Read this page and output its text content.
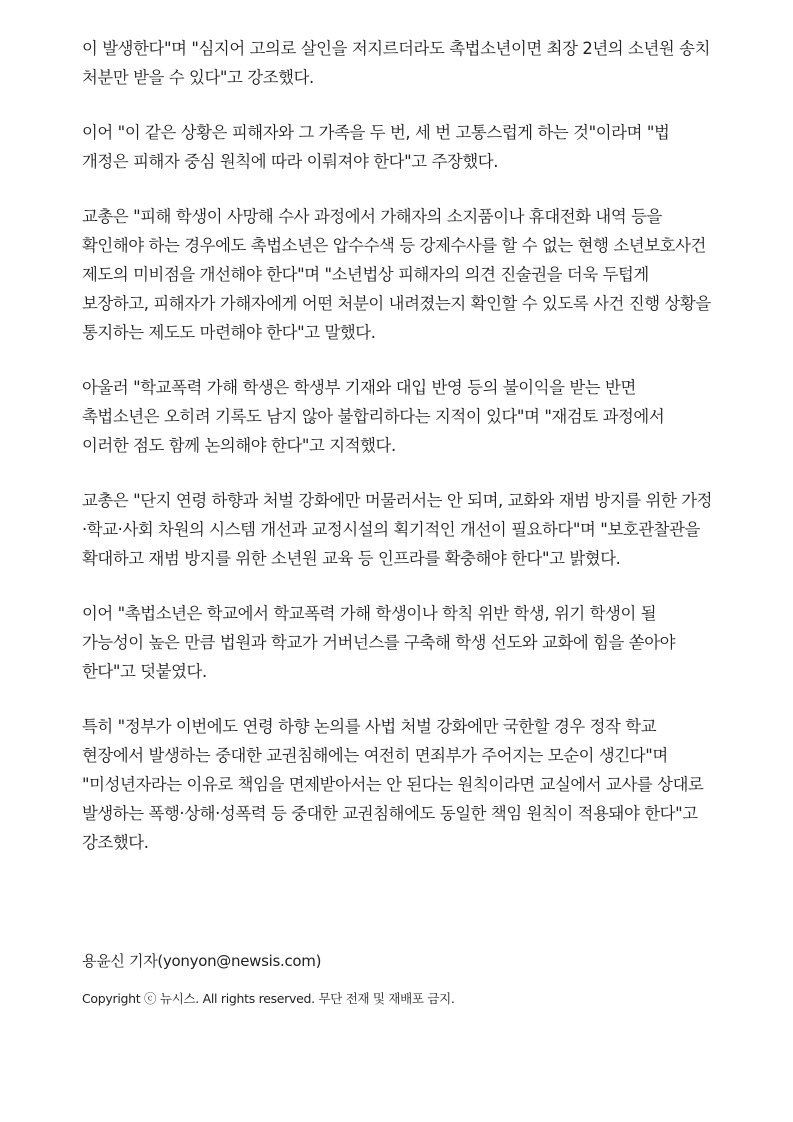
이 발생한다"며 "심지어 고의로 살인을 저지르더라도 촉법소년이면 최장 2년의 소년원 송치 처분만 받을 수 있다"고 강조했다.

이어 "이 같은 상황은 피해자와 그 가족을 두 번, 세 번 고통스럽게 하는 것"이라며 "법 개정은 피해자 중심 원칙에 따라 이뤄져야 한다"고 주장했다.

교총은 "피해 학생이 사망해 수사 과정에서 가해자의 소지품이나 휴대전화 내역 등을 확인해야 하는 경우에도 촉법소년은 압수수색 등 강제수사를 할 수 없는 현행 소년보호사건 제도의 미비점을 개선해야 한다"며 "소년법상 피해자의 의견 진술권을 더욱 두텁게 보장하고, 피해자가 가해자에게 어떤 처분이 내려졌는지 확인할 수 있도록 사건 진행 상황을 통지하는 제도도 마련해야 한다"고 말했다.

아울러 "학교폭력 가해 학생은 학생부 기재와 대입 반영 등의 불이익을 받는 반면 촉법소년은 오히려 기록도 남지 않아 불합리하다는 지적이 있다"며 "재검토 과정에서 이러한 점도 함께 논의해야 한다"고 지적했다.

교총은 "단지 연령 하향과 처벌 강화에만 머물러서는 안 되며, 교화와 재범 방지를 위한 가정·학교·사회 차원의 시스템 개선과 교정시설의 획기적인 개선이 필요하다"며 "보호관찰관을 확대하고 재범 방지를 위한 소년원 교육 등 인프라를 확충해야 한다"고 밝혔다.

이어 "촉법소년은 학교에서 학교폭력 가해 학생이나 학칙 위반 학생, 위기 학생이 될 가능성이 높은 만큼 법원과 학교가 거버넌스를 구축해 학생 선도와 교화에 힘을 쏟아야 한다"고 덧붙였다.

특히 "정부가 이번에도 연령 하향 논의를 사법 처벌 강화에만 국한할 경우 정작 학교 현장에서 발생하는 중대한 교권침해에는 여전히 면죄부가 주어지는 모순이 생긴다"며 "미성년자라는 이유로 책임을 면제받아서는 안 된다는 원칙이라면 교실에서 교사를 상대로 발생하는 폭행·상해·성폭력 등 중대한 교권침해에도 동일한 책임 원칙이 적용돼야 한다"고 강조했다.

용윤신 기자(yonyon@newsis.com)
Copyright ⓒ 뉴시스. All rights reserved. 무단 전재 및 재배포 금지.
